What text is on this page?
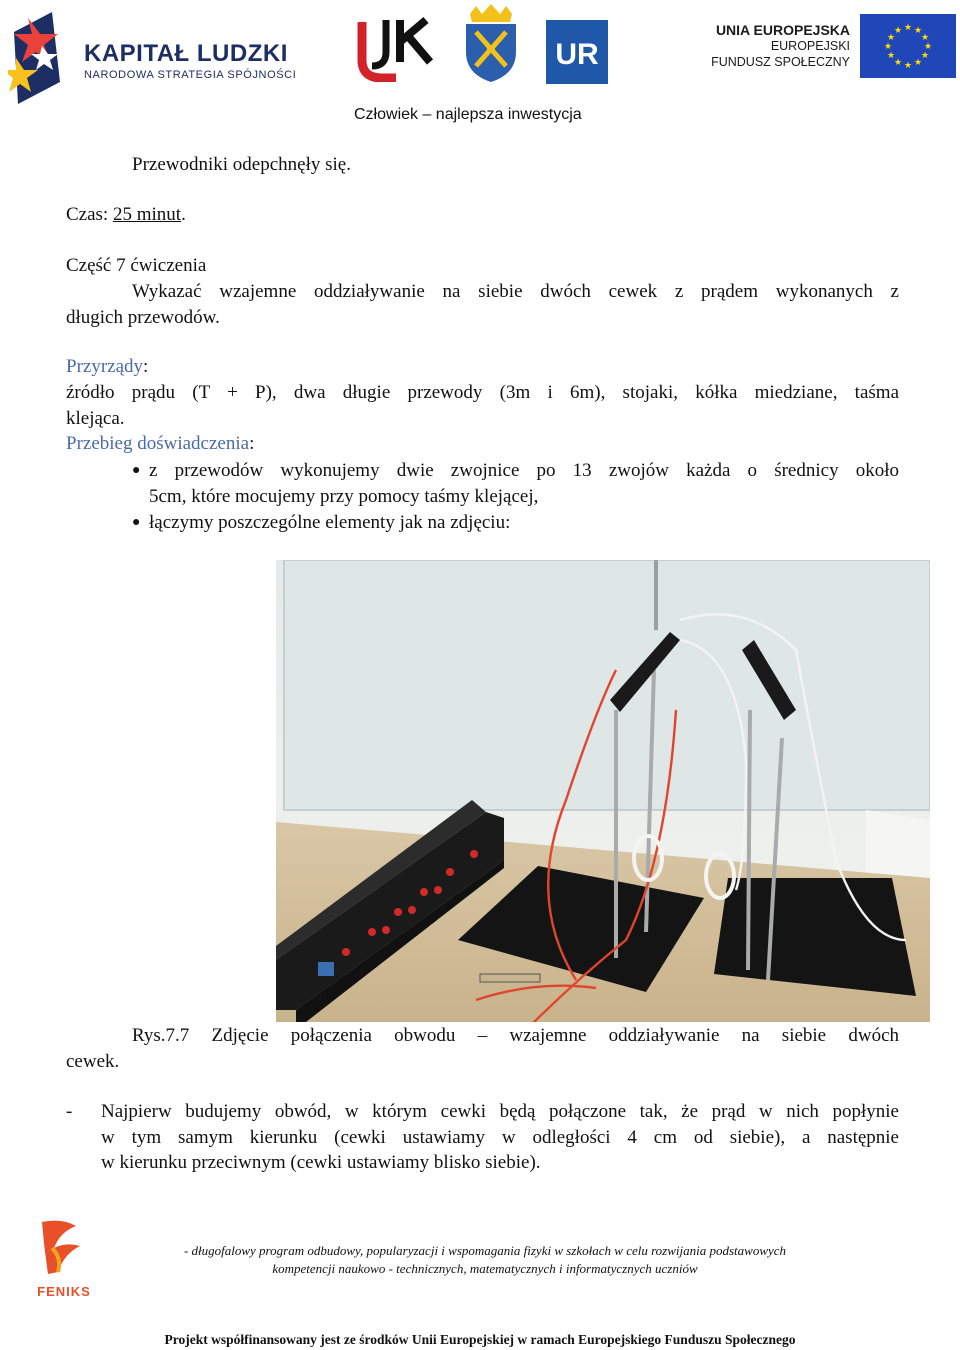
KAPITAŁ LUDZKI
NARODOWA STRATEGIA SPÓJNOŚCI
UR
UNIA EUROPEJSKA
EUROPEJSKI
FUNDUSZ SPOŁECZNY
★ ★
★
★
★
★
★
★
★
★
★
★
Człowiek – najlepsza inwestycja
Przewodniki odepchnęły się.
Czas: 25 minut.
Część 7 ćwiczenia
Wykazać wzajemne oddziaływanie na siebie dwóch cewek z prądem wykonanych z
długich przewodów.
Przyrządy:
źródło prądu (T + P), dwa długie przewody (3m i 6m), stojaki, kółka miedziane, taśma
klejąca.
Przebieg doświadczenia:
● z przewodów wykonujemy dwie zwojnice po 13 zwojów każda o średnicy około
5cm, które mocujemy przy pomocy taśmy klejącej,
● łączymy poszczególne elementy jak na zdjęciu:
Rys.7.7 Zdjęcie połączenia obwodu – wzajemne oddziaływanie na siebie dwóch
cewek.
- Najpierw budujemy obwód, w którym cewki będą połączone tak, że prąd w nich popłynie
w tym samym kierunku (cewki ustawiamy w odległości 4 cm od siebie), a następnie
w kierunku przeciwnym (cewki ustawiamy blisko siebie).
FENIKS
- długofalowy program odbudowy, popularyzacji i wspomagania fizyki w szkołach w celu rozwijania podstawowych
kompetencji naukowo - technicznych, matematycznych i informatycznych uczniów
Projekt współfinansowany jest ze środków Unii Europejskiej w ramach Europejskiego Funduszu Społecznego
